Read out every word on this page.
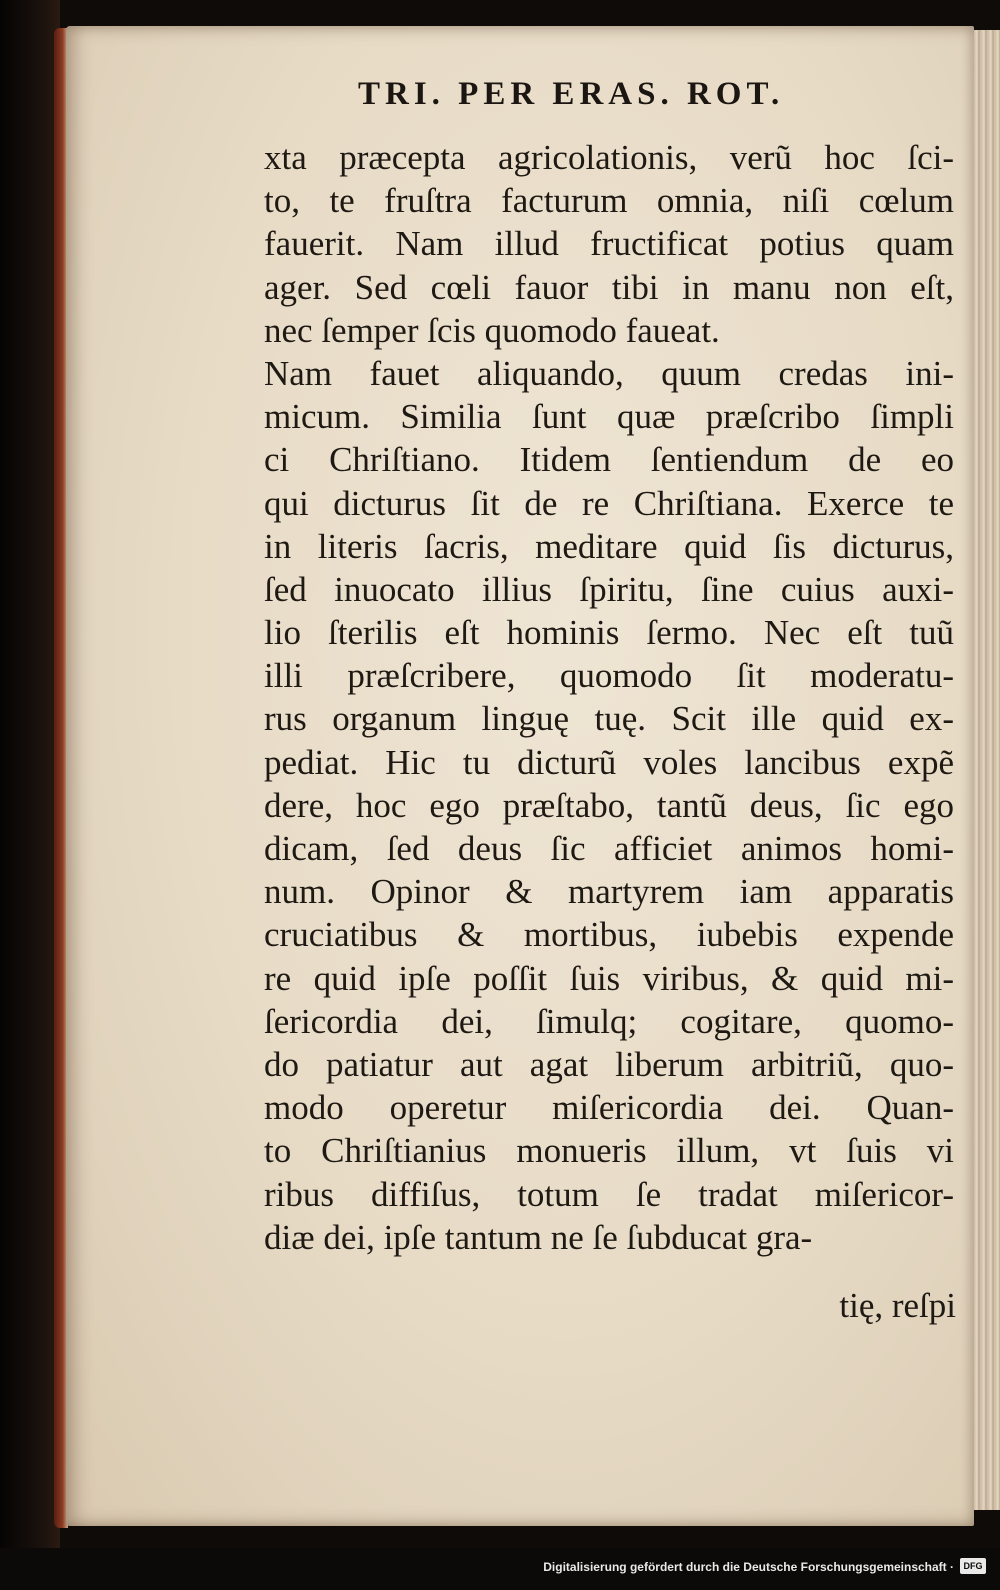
TRI. PER ERAS. ROT.
xta præcepta agricolationis, verũ hoc ſci-
to, te fruſtra facturum omnia, niſi cœlum
fauerit. Nam illud fructificat potius quam
ager. Sed cœli fauor tibi in manu non eſt,
nec ſemper ſcis quomodo faueat.
Nam fauet aliquando, quum credas ini-
micum. Similia ſunt quæ præſcribo ſimpli
ci Chriſtiano. Itidem ſentiendum de eo
qui dicturus ſit de re Chriſtiana. Exerce te
in literis ſacris, meditare quid ſis dicturus,
ſed inuocato illius ſpiritu, ſine cuius auxi-
lio ſterilis eſt hominis ſermo. Nec eſt tuũ
illi præſcribere, quomodo ſit moderatu-
rus organum linguę tuę. Scit ille quid ex-
pediat. Hic tu dicturũ voles lancibus expẽ
dere, hoc ego præſtabo, tantũ deus, ſic ego
dicam, ſed deus ſic afficiet animos homi-
num. Opinor & martyrem iam apparatis
cruciatibus & mortibus, iubebis expende
re quid ipſe poſſit ſuis viribus, & quid mi-
ſericordia dei, ſimulq; cogitare, quomo-
do patiatur aut agat liberum arbitriũ, quo-
modo operetur miſericordia dei. Quan-
to Chriſtianius monueris illum, vt ſuis vi
ribus diffiſus, totum ſe tradat miſericor-
diæ dei, ipſe tantum ne ſe ſubducat gra-

tię, reſpi

Digitalisierung gefördert durch die Deutsche Forschungsgemeinschaft ·	DFG
